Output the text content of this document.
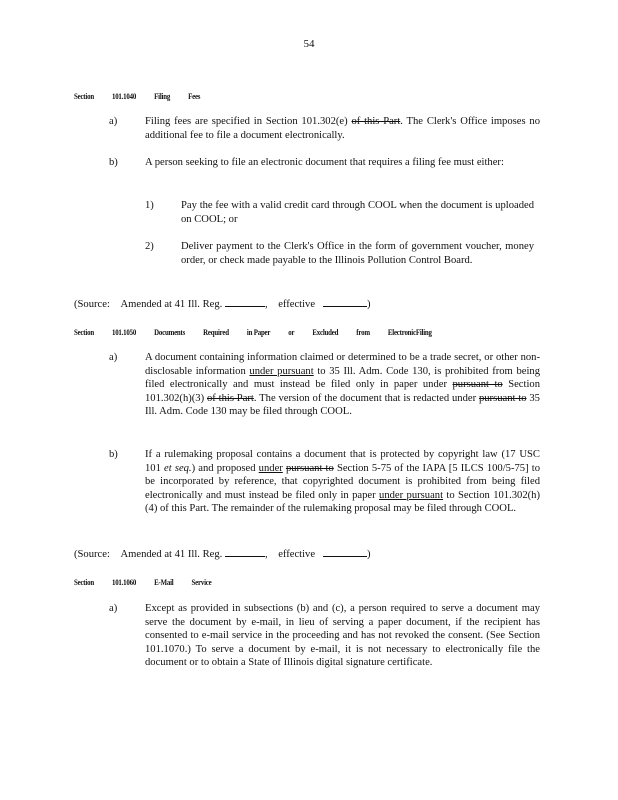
54
Section 101.1040 Filing Fees
a)	Filing fees are specified in Section 101.302(e) of this Part. The Clerk's Office imposes no additional fee to file a document electronically.
b)	A person seeking to file an electronic document that requires a filing fee must either:
1)	Pay the fee with a valid credit card through COOL when the document is uploaded on COOL; or
2)	Deliver payment to the Clerk's Office in the form of government voucher, money order, or check made payable to the Illinois Pollution Control Board.
(Source: Amended at 41 Ill. Reg.	,    effective	)
Section 101.1050 Documents Required in Paper or Excluded from ElectronicFiling
a)	A document containing information claimed or determined to be a trade secret, or other non-disclosable information under pursuant to 35 Ill. Adm. Code 130, is prohibited from being filed electronically and must instead be filed only in paper under pursuant to Section 101.302(h)(3) of this Part. The version of the document that is redacted under pursuant to 35 Ill. Adm. Code 130 may be filed through COOL.
b)	If a rulemaking proposal contains a document that is protected by copyright law (17 USC 101 et seq.) and proposed under pursuant to Section 5-75 of the IAPA [5 ILCS 100/5-75] to be incorporated by reference, that copyrighted document is prohibited from being filed electronically and must instead be filed only in paper under pursuant to Section 101.302(h)(4) of this Part. The remainder of the rulemaking proposal may be filed through COOL.
(Source: Amended at 41 Ill. Reg.	,    effective	)
Section 101.1060 E-Mail Service
a)	Except as provided in subsections (b) and (c), a person required to serve a document may serve the document by e-mail, in lieu of serving a paper document, if the recipient has consented to e-mail service in the proceeding and has not revoked the consent. (See Section 101.1070.) To serve a document by e-mail, it is not necessary to electronically file the document or to obtain a State of Illinois digital signature certificate.
